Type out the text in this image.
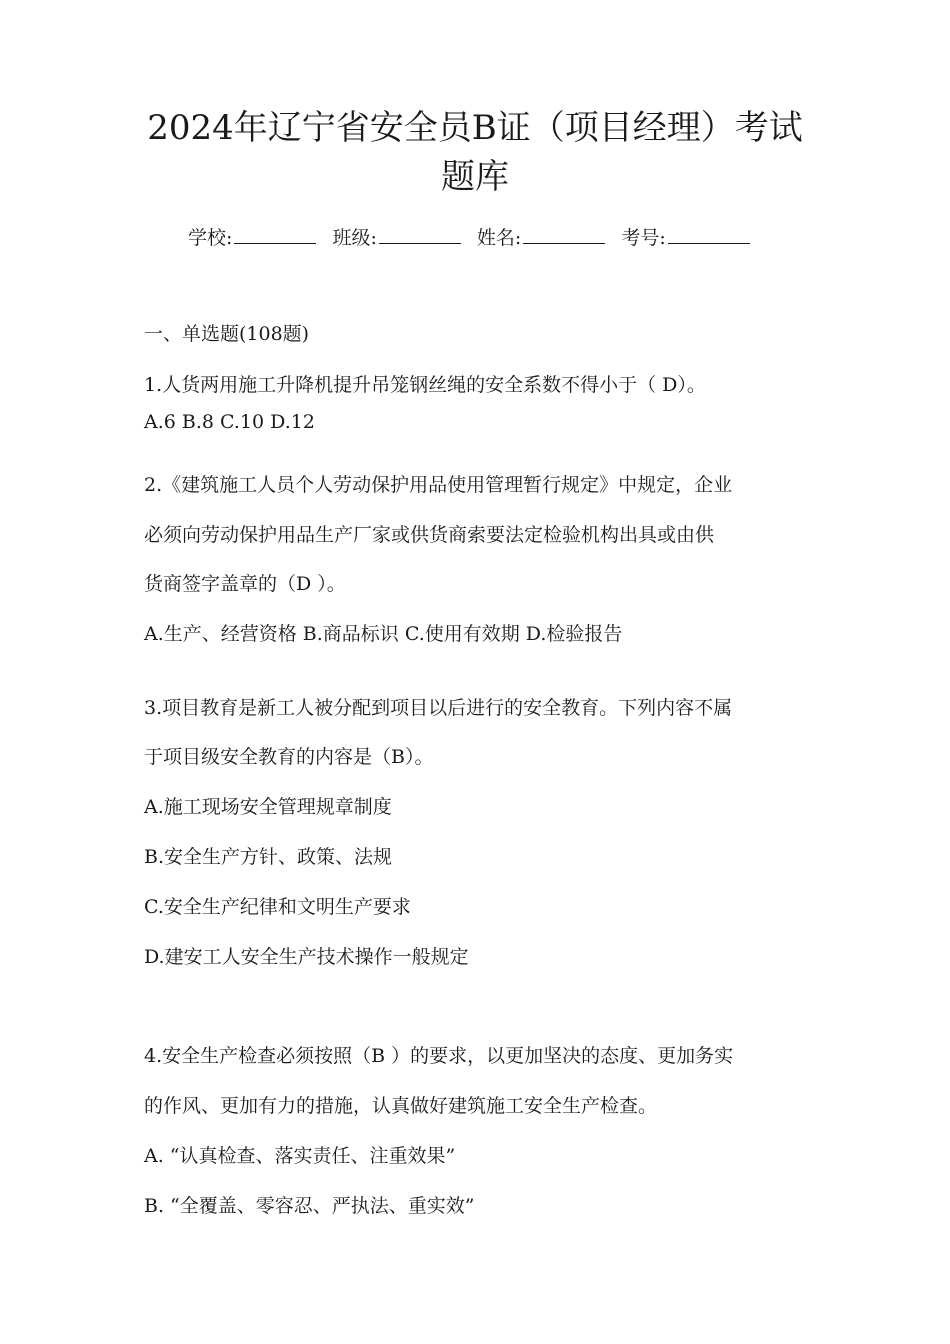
2024年辽宁省安全员B证（项目经理）考试
题库
学校:	班级:	姓名:	考号:
一、单选题(108题)
1.人货两用施工升降机提升吊笼钢丝绳的安全系数不得小于（ D）。
A.6 B.8 C.10 D.12
2.《建筑施工人员个人劳动保护用品使用管理暂行规定》中规定，企业
必须向劳动保护用品生产厂家或供货商索要法定检验机构出具或由供
货商签字盖章的（D ）。
A.生产、经营资格 B.商品标识 C.使用有效期 D.检验报告
3.项目教育是新工人被分配到项目以后进行的安全教育。下列内容不属
于项目级安全教育的内容是（B）。
A.施工现场安全管理规章制度
B.安全生产方针、政策、法规
C.安全生产纪律和文明生产要求
D.建安工人安全生产技术操作一般规定
4.安全生产检查必须按照（B ）的要求，以更加坚决的态度、更加务实
的作风、更加有力的措施，认真做好建筑施工安全生产检查。
A. “认真检查、落实责任、注重效果”
B. “全覆盖、零容忍、严执法、重实效”
